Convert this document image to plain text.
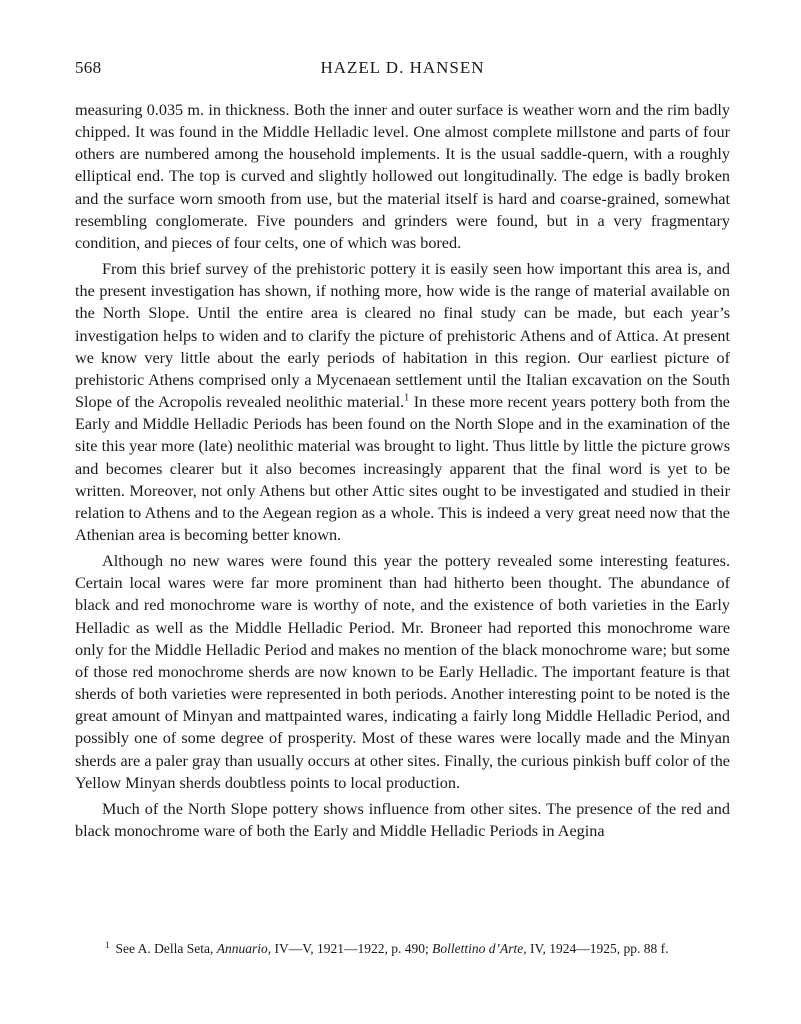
568	HAZEL D. HANSEN

measuring 0.035 m. in thickness. Both the inner and outer surface is weather worn and the rim badly chipped. It was found in the Middle Helladic level. One almost complete millstone and parts of four others are numbered among the household implements. It is the usual saddle-quern, with a roughly elliptical end. The top is curved and slightly hollowed out longitudinally. The edge is badly broken and the surface worn smooth from use, but the material itself is hard and coarse-grained, somewhat resembling conglomerate. Five pounders and grinders were found, but in a very fragmentary condition, and pieces of four celts, one of which was bored.

From this brief survey of the prehistoric pottery it is easily seen how important this area is, and the present investigation has shown, if nothing more, how wide is the range of material available on the North Slope. Until the entire area is cleared no final study can be made, but each year’s investigation helps to widen and to clarify the picture of prehistoric Athens and of Attica. At present we know very little about the early periods of habitation in this region. Our earliest picture of prehistoric Athens comprised only a Mycenaean settlement until the Italian excavation on the South Slope of the Acropolis revealed neolithic material.$^1$ In these more recent years pottery both from the Early and Middle Helladic Periods has been found on the North Slope and in the examination of the site this year more (late) neolithic material was brought to light. Thus little by little the picture grows and becomes clearer but it also becomes increasingly apparent that the final word is yet to be written. Moreover, not only Athens but other Attic sites ought to be investigated and studied in their relation to Athens and to the Aegean region as a whole. This is indeed a very great need now that the Athenian area is becoming better known.

Although no new wares were found this year the pottery revealed some interesting features. Certain local wares were far more prominent than had hitherto been thought. The abundance of black and red monochrome ware is worthy of note, and the existence of both varieties in the Early Helladic as well as the Middle Helladic Period. Mr. Broneer had reported this monochrome ware only for the Middle Helladic Period and makes no mention of the black monochrome ware; but some of those red monochrome sherds are now known to be Early Helladic. The important feature is that sherds of both varieties were represented in both periods. Another interesting point to be noted is the great amount of Minyan and mattpainted wares, indicating a fairly long Middle Helladic Period, and possibly one of some degree of prosperity. Most of these wares were locally made and the Minyan sherds are a paler gray than usually occurs at other sites. Finally, the curious pinkish buff color of the Yellow Minyan sherds doubtless points to local production.

Much of the North Slope pottery shows influence from other sites. The presence of the red and black monochrome ware of both the Early and Middle Helladic Periods in Aegina

$^1$ See A. Della Seta, Annuario, IV—V, 1921—1922, p. 490; Bollettino d’Arte, IV, 1924—1925, pp. 88 f.
